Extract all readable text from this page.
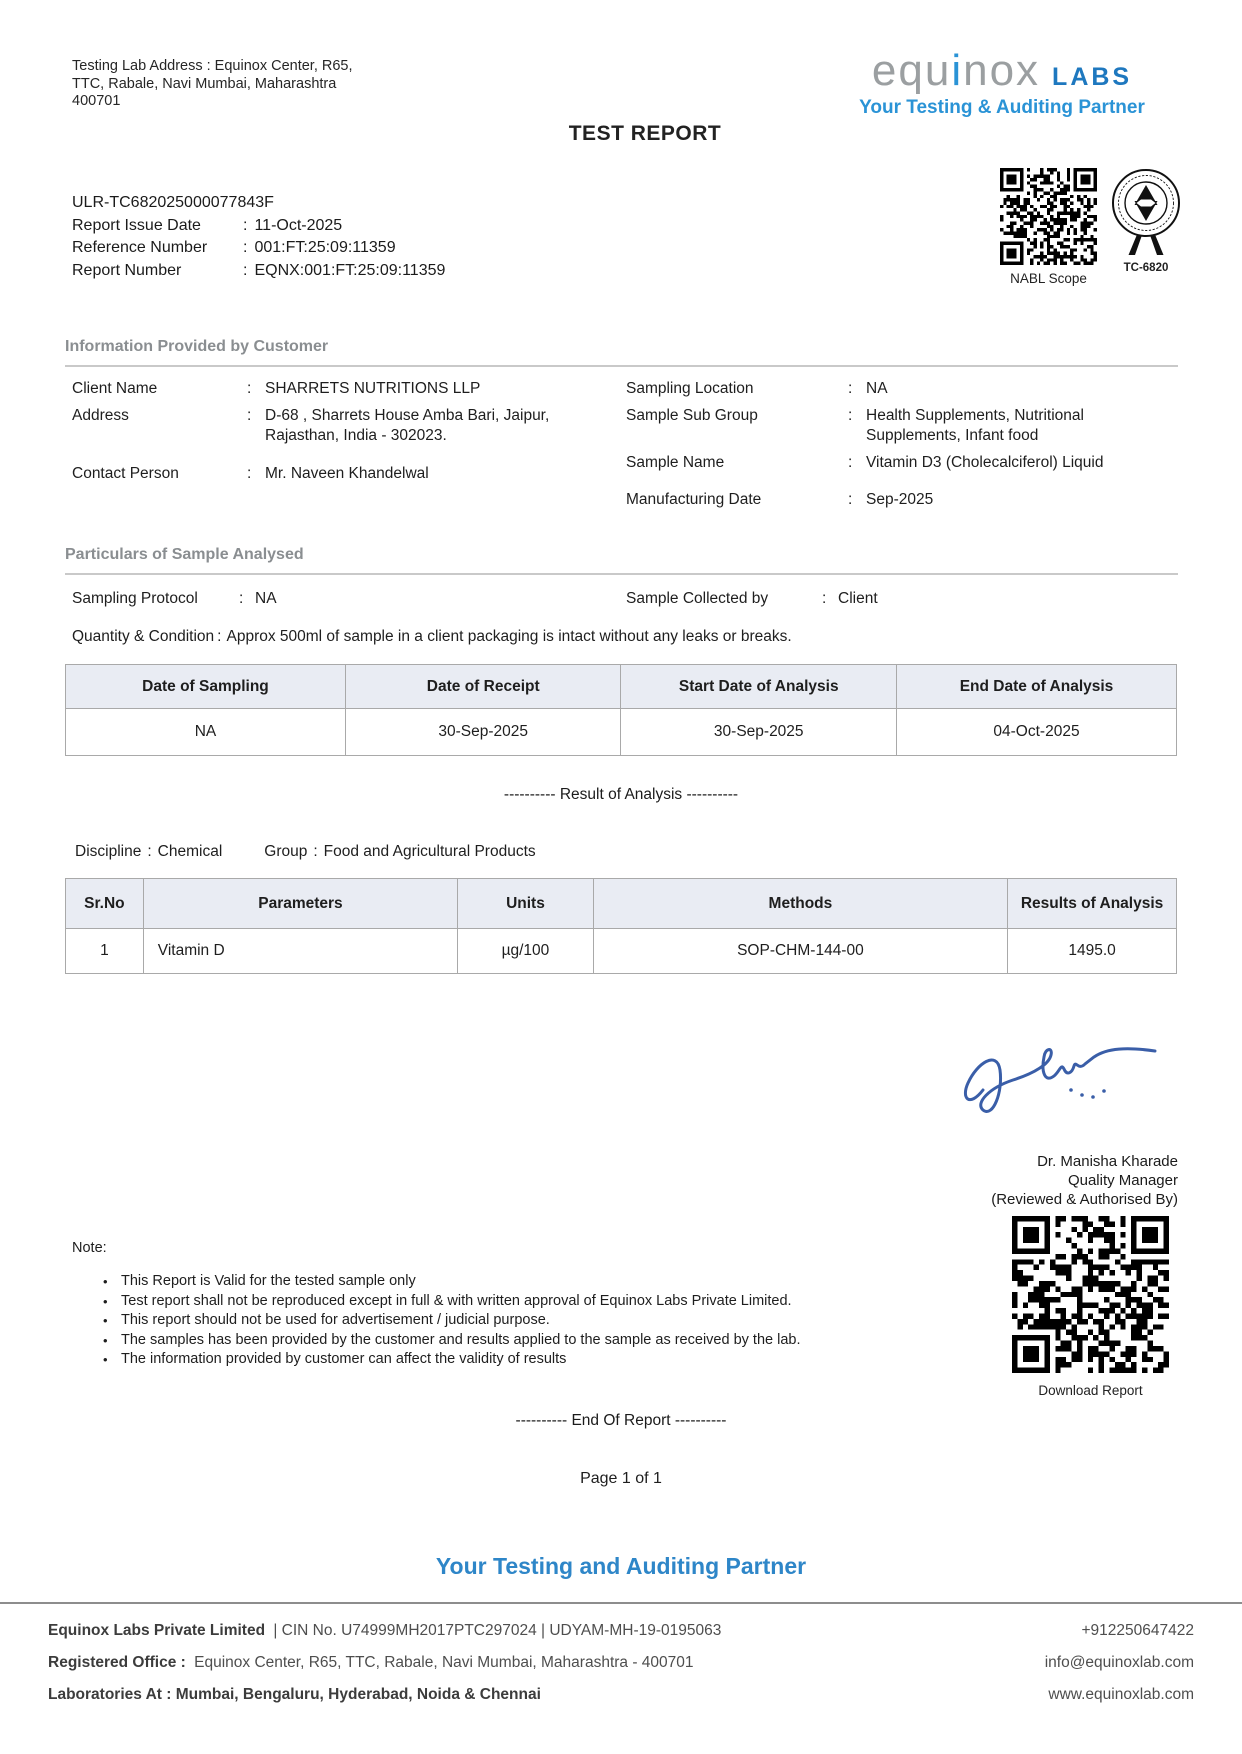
Testing Lab Address : Equinox Center, R65,
TTC, Rabale, Navi Mumbai, Maharashtra
400701
TEST REPORT
equinox LABS
Your Testing & Auditing Partner
NABL Scope
TC-6820
ULR-TC682025000077843F
Report Issue Date	: 11-Oct-2025
Reference Number : 001:FT:25:09:11359
Report Number	: EQNX:001:FT:25:09:11359
Information Provided by Customer
Client Name	: SHARRETS NUTRITIONS LLP
Address	: D-68 , Sharrets House Amba Bari, Jaipur, Rajasthan, India - 302023.
Contact Person	: Mr. Naveen Khandelwal
Sampling Location	: NA
Sample Sub Group	: Health Supplements, Nutritional Supplements, Infant food
Sample Name	: Vitamin D3 (Cholecalciferol) Liquid
Manufacturing Date	: Sep-2025
Particulars of Sample Analysed
Sampling Protocol	: NA	Sample Collected by	: Client
Quantity & Condition : Approx 500ml of sample in a client packaging is intact without any leaks or breaks.
Date of Sampling	Date of Receipt	Start Date of Analysis	End Date of Analysis
NA	30-Sep-2025	30-Sep-2025	04-Oct-2025
---------- Result of Analysis ----------
Discipline : Chemical	Group : Food and Agricultural Products
Sr.No	Parameters	Units	Methods	Results of Analysis
1	Vitamin D	µg/100	SOP-CHM-144-00	1495.0
Dr. Manisha Kharade
Quality Manager
(Reviewed & Authorised By)
Download Report
Note:
• This Report is Valid for the tested sample only
• Test report shall not be reproduced except in full & with written approval of Equinox Labs Private Limited.
• This report should not be used for advertisement / judicial purpose.
• The samples has been provided by the customer and results applied to the sample as received by the lab.
• The information provided by customer can affect the validity of results
---------- End Of Report ----------
Page 1 of 1
Your Testing and Auditing Partner
Equinox Labs Private Limited | CIN No. U74999MH2017PTC297024 | UDYAM-MH-19-0195063	+912250647422
Registered Office : Equinox Center, R65, TTC, Rabale, Navi Mumbai, Maharashtra - 400701	info@equinoxlab.com
Laboratories At : Mumbai, Bengaluru, Hyderabad, Noida & Chennai	www.equinoxlab.com
